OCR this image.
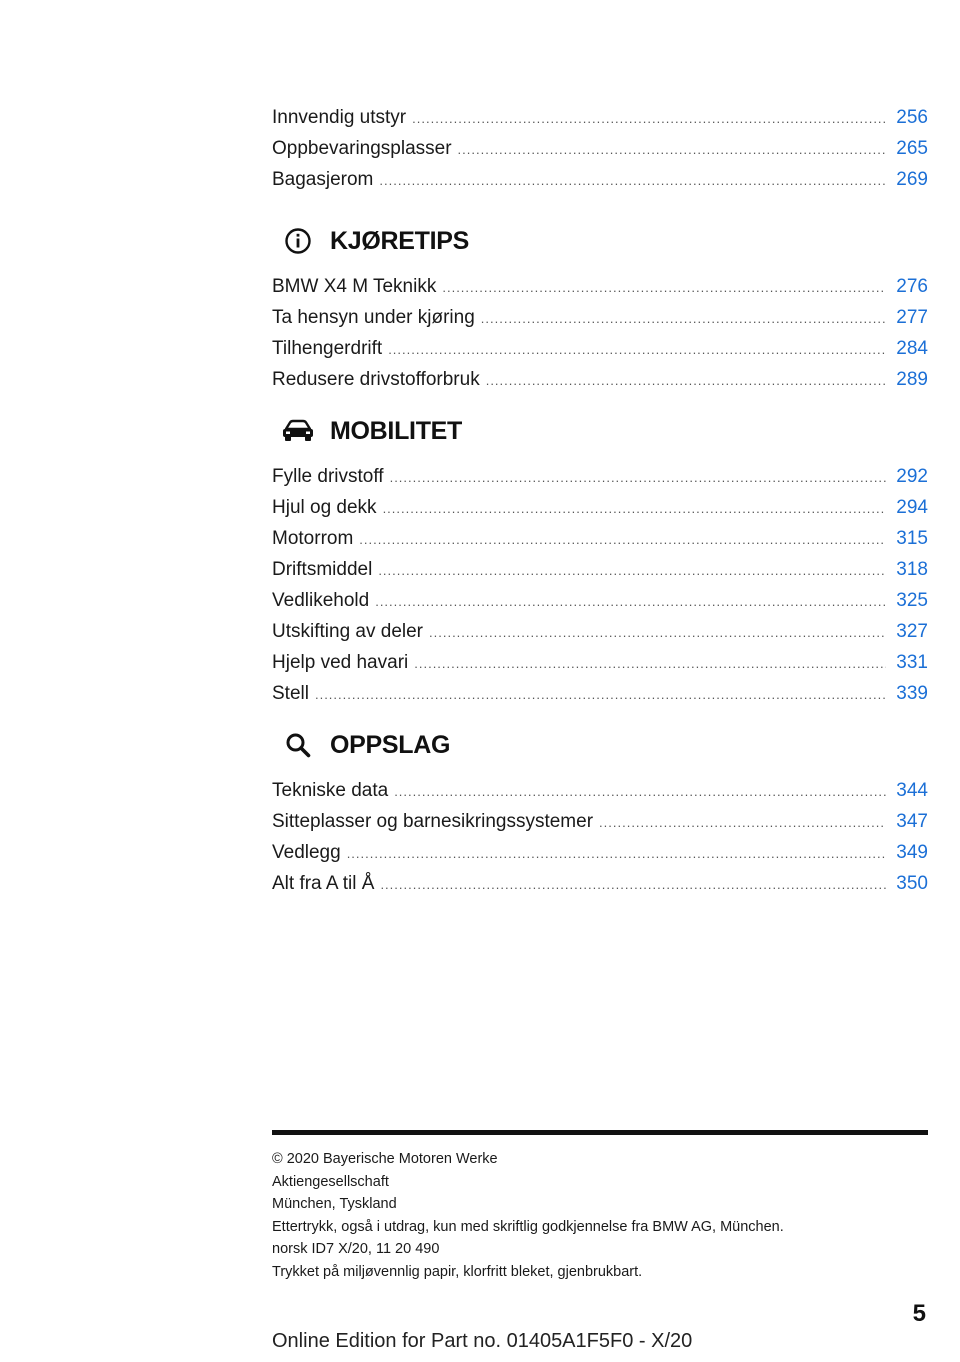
Innvendig utstyr .....	256
Oppbevaringsplasser .....	265
Bagasjerom .....	269
KJØRETIPS
BMW X4 M Teknikk .....	276
Ta hensyn under kjøring .....	277
Tilhengerdrift .....	284
Redusere drivstofforbruk .....	289
MOBILITET
Fylle drivstoff .....	292
Hjul og dekk .....	294
Motorrom .....	315
Driftsmiddel .....	318
Vedlikehold .....	325
Utskifting av deler .....	327
Hjelp ved havari .....	331
Stell .....	339
OPPSLAG
Tekniske data .....	344
Sitteplasser og barnesikringssystemer .....	347
Vedlegg .....	349
Alt fra A til Å .....	350
© 2020 Bayerische Motoren Werke
Aktiengesellschaft
München, Tyskland
Ettertrykk, også i utdrag, kun med skriftlig godkjennelse fra BMW AG, München.
norsk ID7 X/20, 11 20 490
Trykket på miljøvennlig papir, klorfritt bleket, gjenbrukbart.
5
Online Edition for Part no. 01405A1F5F0 - X/20
